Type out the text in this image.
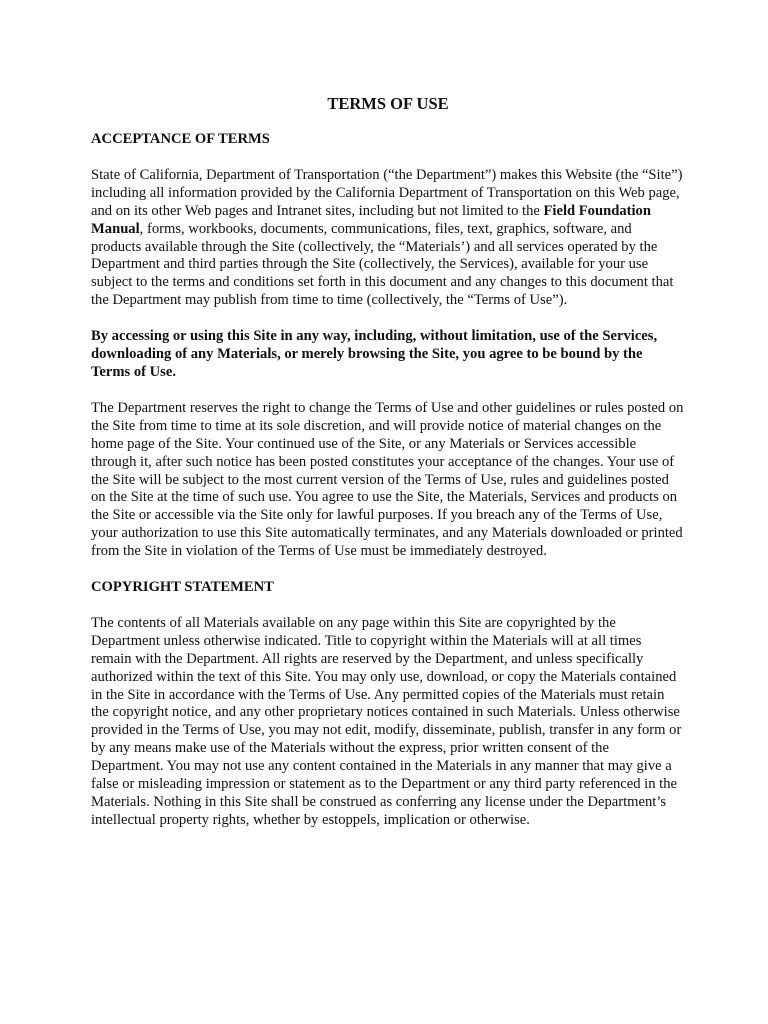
TERMS OF USE
ACCEPTANCE OF TERMS

State of California, Department of Transportation (“the Department”) makes this Website (the “Site”) including all information provided by the California Department of Transportation on this Web page, and on its other Web pages and Intranet sites, including but not limited to the Field Foundation Manual, forms, workbooks, documents, communications, files, text, graphics, software, and products available through the Site (collectively, the “Materials’) and all services operated by the Department and third parties through the Site (collectively, the Services), available for your use subject to the terms and conditions set forth in this document and any changes to this document that the Department may publish from time to time (collectively, the “Terms of Use”).

By accessing or using this Site in any way, including, without limitation, use of the Services, downloading of any Materials, or merely browsing the Site, you agree to be bound by the Terms of Use.

The Department reserves the right to change the Terms of Use and other guidelines or rules posted on the Site from time to time at its sole discretion, and will provide notice of material changes on the home page of the Site. Your continued use of the Site, or any Materials or Services accessible through it, after such notice has been posted constitutes your acceptance of the changes. Your use of the Site will be subject to the most current version of the Terms of Use, rules and guidelines posted on the Site at the time of such use. You agree to use the Site, the Materials, Services and products on the Site or accessible via the Site only for lawful purposes. If you breach any of the Terms of Use, your authorization to use this Site automatically terminates, and any Materials downloaded or printed from the Site in violation of the Terms of Use must be immediately destroyed.

COPYRIGHT STATEMENT

The contents of all Materials available on any page within this Site are copyrighted by the Department unless otherwise indicated. Title to copyright within the Materials will at all times remain with the Department. All rights are reserved by the Department, and unless specifically authorized within the text of this Site. You may only use, download, or copy the Materials contained in the Site in accordance with the Terms of Use. Any permitted copies of the Materials must retain the copyright notice, and any other proprietary notices contained in such Materials. Unless otherwise provided in the Terms of Use, you may not edit, modify, disseminate, publish, transfer in any form or by any means make use of the Materials without the express, prior written consent of the Department. You may not use any content contained in the Materials in any manner that may give a false or misleading impression or statement as to the Department or any third party referenced in the Materials. Nothing in this Site shall be construed as conferring any license under the Department’s intellectual property rights, whether by estoppels, implication or otherwise.
